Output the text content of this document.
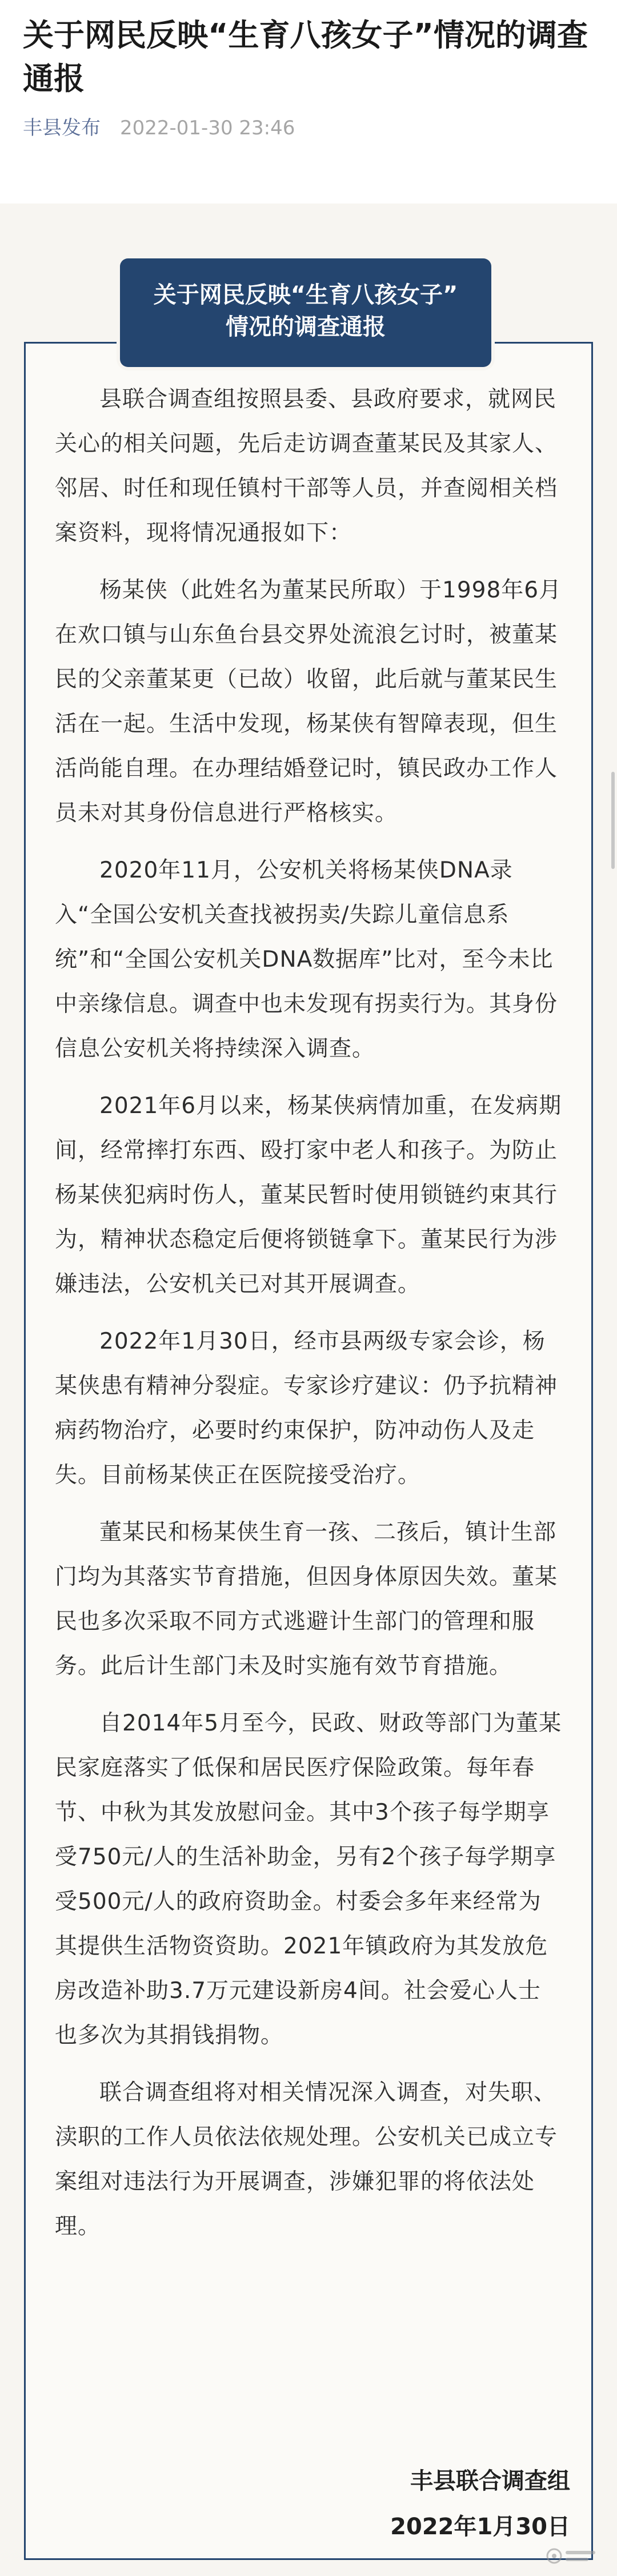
关于网民反映“生育八孩女子”情况的调查通报
丰县发布 2022-01-30 23:46
关于网民反映“生育八孩女子”
情况的调查通报

县联合调查组按照县委、县政府要求，就网民关心的相关问题，先后走访调查董某民及其家人、邻居、时任和现任镇村干部等人员，并查阅相关档案资料，现将情况通报如下：

杨某侠（此姓名为董某民所取）于1998年6月在欢口镇与山东鱼台县交界处流浪乞讨时，被董某民的父亲董某更（已故）收留，此后就与董某民生活在一起。生活中发现，杨某侠有智障表现，但生活尚能自理。在办理结婚登记时，镇民政办工作人员未对其身份信息进行严格核实。

2020年11月，公安机关将杨某侠DNA录入“全国公安机关查找被拐卖/失踪儿童信息系统”和“全国公安机关DNA数据库”比对，至今未比中亲缘信息。调查中也未发现有拐卖行为。其身份信息公安机关将持续深入调查。

2021年6月以来，杨某侠病情加重，在发病期间，经常摔打东西、殴打家中老人和孩子。为防止杨某侠犯病时伤人，董某民暂时使用锁链约束其行为，精神状态稳定后便将锁链拿下。董某民行为涉嫌违法，公安机关已对其开展调查。

2022年1月30日，经市县两级专家会诊，杨某侠患有精神分裂症。专家诊疗建议：仍予抗精神病药物治疗，必要时约束保护，防冲动伤人及走失。目前杨某侠正在医院接受治疗。

董某民和杨某侠生育一孩、二孩后，镇计生部门均为其落实节育措施，但因身体原因失效。董某民也多次采取不同方式逃避计生部门的管理和服务。此后计生部门未及时实施有效节育措施。

自2014年5月至今，民政、财政等部门为董某民家庭落实了低保和居民医疗保险政策。每年春节、中秋为其发放慰问金。其中3个孩子每学期享受750元/人的生活补助金，另有2个孩子每学期享受500元/人的政府资助金。村委会多年来经常为其提供生活物资资助。2021年镇政府为其发放危房改造补助3.7万元建设新房4间。社会爱心人士也多次为其捐钱捐物。

联合调查组将对相关情况深入调查，对失职、渎职的工作人员依法依规处理。公安机关已成立专案组对违法行为开展调查，涉嫌犯罪的将依法处理。

丰县联合调查组
2022年1月30日
